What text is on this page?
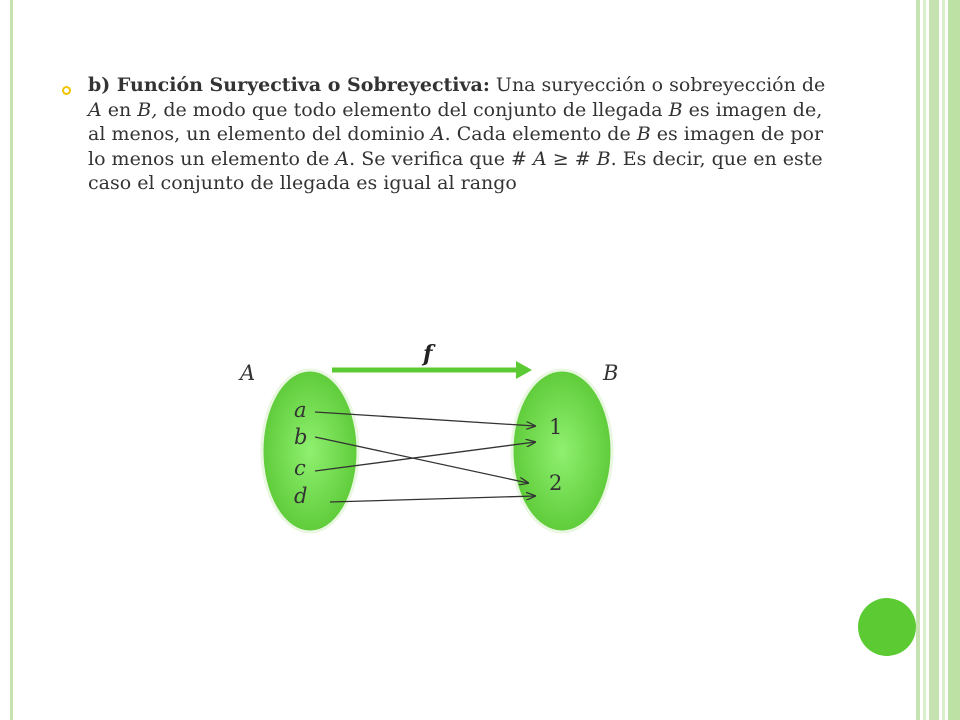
b) Función Suryectiva o Sobreyectiva: Una suryección o sobreyección de A en B, de modo que todo elemento del conjunto de llegada B es imagen de, al menos, un elemento del dominio A. Cada elemento de B es imagen de por lo menos un elemento de A. Se verifica que # A ≥ # B. Es decir, que en este caso el conjunto de llegada es igual al rango
f
A	B
a
b
c
d
1
2
